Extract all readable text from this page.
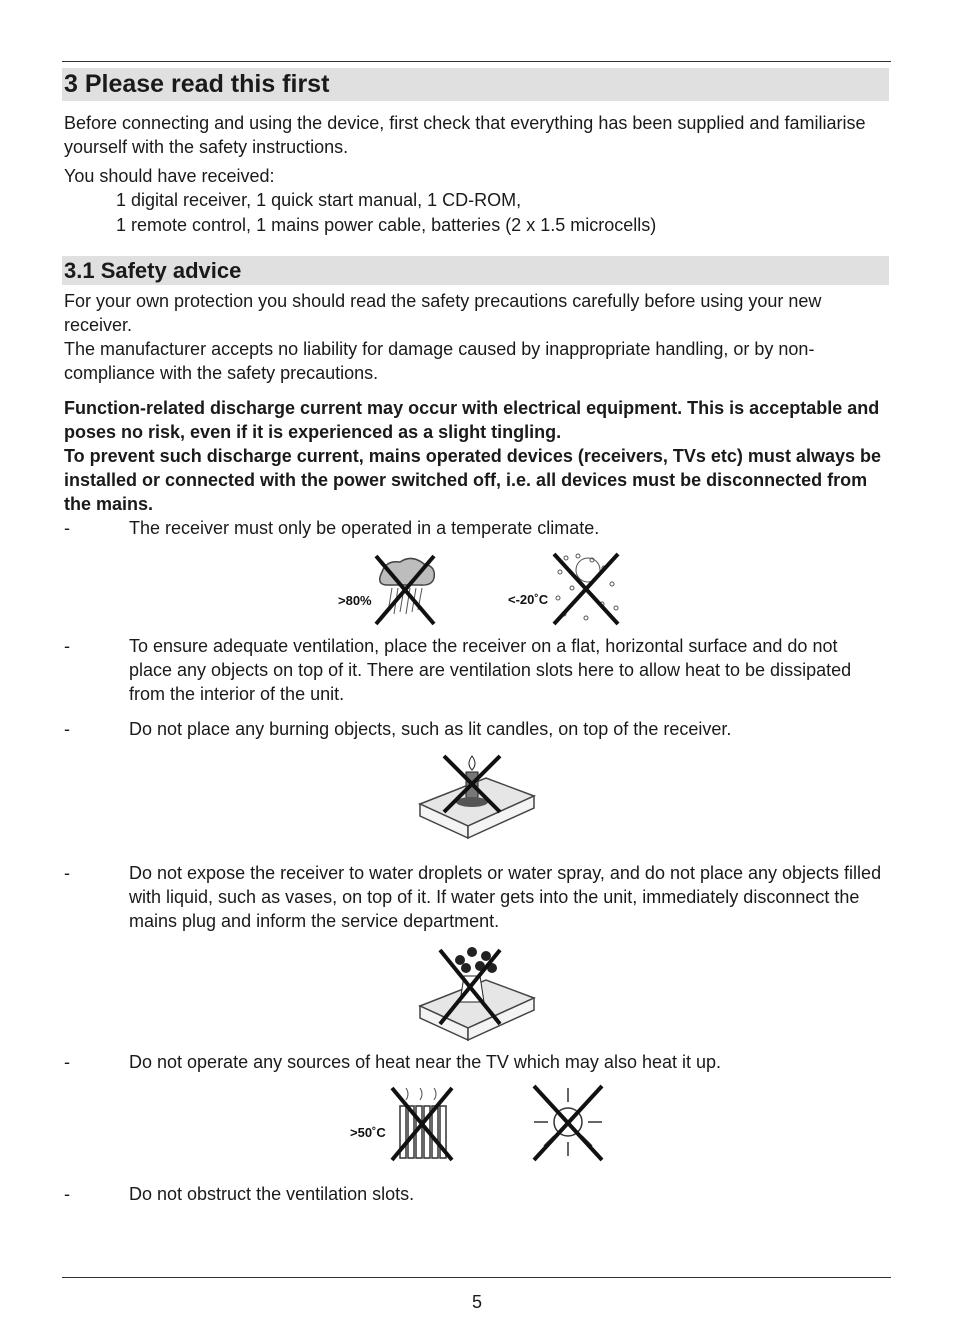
3 Please read this first

Before connecting and using the device, first check that everything has been supplied and familiarise yourself with the safety instructions.

You should have received:

1 digital receiver, 1 quick start manual, 1 CD-ROM,
1 remote control, 1 mains power cable, batteries (2 x 1.5 microcells)
3.1 Safety advice

For your own protection you should read the safety precautions carefully before using your new receiver.

The manufacturer accepts no liability for damage caused by inappropriate handling, or by non-compliance with the safety precautions.

Function-related discharge current may occur with electrical equipment. This is acceptable and poses no risk, even if it is experienced as a slight tingling.

To prevent such discharge current, mains operated devices (receivers, TVs etc) must always be installed or connected with the power switched off, i.e. all devices must be disconnected from the mains.

-	The receiver must only be operated in a temperate climate.
>80%	<-20˚C
-	To ensure adequate ventilation, place the receiver on a flat, horizontal surface and do not place any objects on top of it. There are ventilation slots here to allow heat to be dissipated from the interior of the unit.
-	Do not place any burning objects, such as lit candles, on top of the receiver.
-	Do not expose the receiver to water droplets or water spray, and do not place any objects filled with liquid, such as vases, on top of it. If water gets into the unit, immediately disconnect the mains plug and inform the service department.
-	Do not operate any sources of heat near the TV which may also heat it up.
>50˚C
-	Do not obstruct the ventilation slots.
5
